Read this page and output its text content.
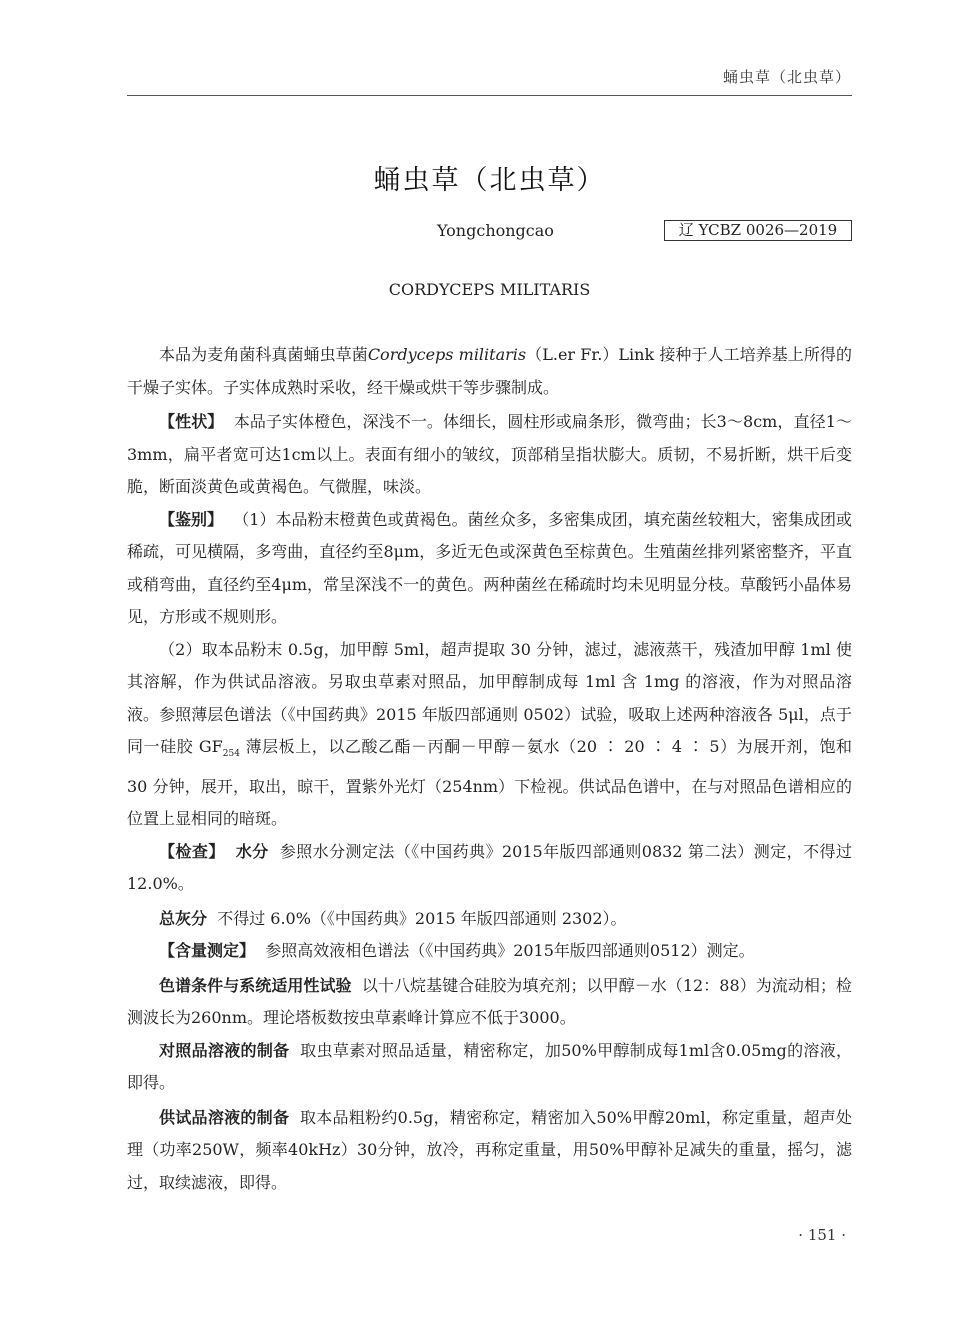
蛹虫草（北虫草）
蛹虫草（北虫草）
Yongchongcao	辽 YCBZ 0026—2019
CORDYCEPS MILITARIS

本品为麦角菌科真菌蛹虫草菌Cordyceps militaris（L.er Fr.）Link 接种于人工培养基上所得的干燥子实体。子实体成熟时采收，经干燥或烘干等步骤制成。

【性状】 本品子实体橙色，深浅不一。体细长，圆柱形或扁条形，微弯曲；长3～8cm，直径1～3mm，扁平者宽可达1cm以上。表面有细小的皱纹，顶部稍呈指状膨大。质韧，不易折断，烘干后变脆，断面淡黄色或黄褐色。气微腥，味淡。

【鉴别】 （1）本品粉末橙黄色或黄褐色。菌丝众多，多密集成团，填充菌丝较粗大，密集成团或稀疏，可见横隔，多弯曲，直径约至8μm，多近无色或深黄色至棕黄色。生殖菌丝排列紧密整齐，平直或稍弯曲，直径约至4μm，常呈深浅不一的黄色。两种菌丝在稀疏时均未见明显分枝。草酸钙小晶体易见，方形或不规则形。

（2）取本品粉末 0.5g，加甲醇 5ml，超声提取 30 分钟，滤过，滤液蒸干，残渣加甲醇 1ml 使其溶解，作为供试品溶液。另取虫草素对照品，加甲醇制成每 1ml 含 1mg 的溶液，作为对照品溶液。参照薄层色谱法（《中国药典》2015 年版四部通则 0502）试验，吸取上述两种溶液各 5μl，点于同一硅胶 $GF_{254}$ 薄层板上，以乙酸乙酯－丙酮－甲醇－氨水（20 ∶ 20 ∶ 4 ∶ 5）为展开剂，饱和 30 分钟，展开，取出，晾干，置紫外光灯（254nm）下检视。供试品色谱中，在与对照品色谱相应的位置上显相同的暗斑。

【检查】 水分 参照水分测定法（《中国药典》2015年版四部通则0832 第二法）测定，不得过12.0%。

总灰分 不得过 6.0%（《中国药典》2015 年版四部通则 2302）。

【含量测定】 参照高效液相色谱法（《中国药典》2015年版四部通则0512）测定。

色谱条件与系统适用性试验 以十八烷基键合硅胶为填充剂；以甲醇－水（12：88）为流动相；检测波长为260nm。理论塔板数按虫草素峰计算应不低于3000。

对照品溶液的制备 取虫草素对照品适量，精密称定，加50%甲醇制成每1ml含0.05mg的溶液，即得。

供试品溶液的制备 取本品粗粉约0.5g，精密称定，精密加入50%甲醇20ml，称定重量，超声处理（功率250W，频率40kHz）30分钟，放冷，再称定重量，用50%甲醇补足减失的重量，摇匀，滤过，取续滤液，即得。

· 151 ·
